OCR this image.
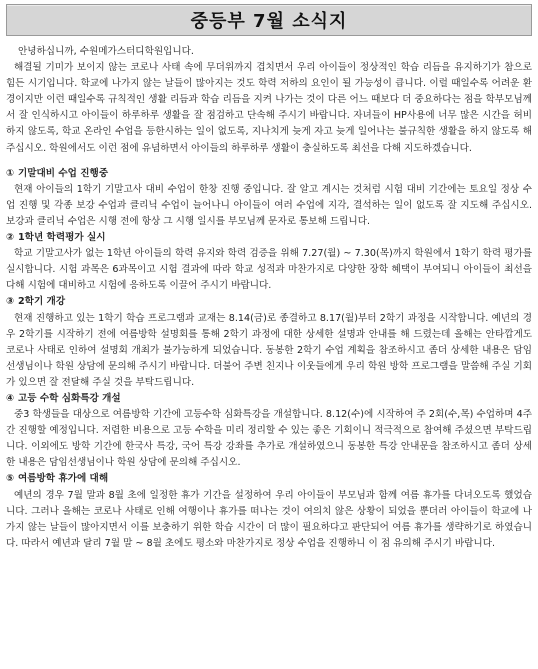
중등부 7월 소식지

안녕하십니까, 수원메가스터디학원입니다.

해결될 기미가 보이지 않는 코로나 사태 속에 무더위까지 겹치면서 우리 아이들이 정상적인 학습 리듬을 유지하기가 참으로 힘든 시기입니다. 학교에 나가지 않는 날들이 많아지는 것도 학력 저하의 요인이 될 가능성이 큽니다. 이럴 때일수록 어려운 환경이지만 이런 때일수록 규칙적인 생활 리듬과 학습 리듬을 지켜 나가는 것이 다른 어느 때보다 더 중요하다는 점을 학부모님께서 잘 인식하시고 아이들이 하루하루 생활을 잘 점검하고 단속해 주시기 바랍니다. 자녀들이 HP사용에 너무 많은 시간을 허비하지 않도록, 학교 온라인 수업을 등한시하는 일이 없도록, 지나치게 늦게 자고 늦게 일어나는 불규칙한 생활을 하지 않도록 해 주십시오. 학원에서도 이런 점에 유념하면서 아이들의 하루하루 생활이 충실하도록 최선을 다해 지도하겠습니다.

① 기말대비 수업 진행중

현재 아이들의 1학기 기말고사 대비 수업이 한창 진행 중입니다. 잘 알고 계시는 것처럼 시험 대비 기간에는 토요일 정상 수업 진행 및 각종 보강 수업과 클리닉 수업이 늘어나니 아이들이 여러 수업에 지각, 결석하는 일이 없도록 잘 지도해 주십시오. 보강과 클리닉 수업은 시행 전에 항상 그 시행 일시를 부모님께 문자로 통보해 드립니다.

② 1학년 학력평가 실시

학교 기말고사가 없는 1학년 아이들의 학력 유지와 학력 검증을 위해 7.27(월) ~ 7.30(목)까지 학원에서 1학기 학력 평가를 실시합니다. 시험 과목은 6과목이고 시험 결과에 따라 학교 성적과 마찬가지로 다양한 장학 혜택이 부여되니 아이들이 최선을 다해 시험에 대비하고 시험에 응하도록 이끌어 주시기 바랍니다.

③ 2학기 개강

현재 진행하고 있는 1학기 학습 프로그램과 교재는 8.14(금)로 종결하고 8.17(월)부터 2학기 과정을 시작합니다. 예년의 경우 2학기를 시작하기 전에 여름방학 설명회를 통해 2학기 과정에 대한 상세한 설명과 안내를 해 드렸는데 올해는 안타깝게도 코로나 사태로 인하여 설명회 개최가 불가능하게 되었습니다. 동봉한 2학기 수업 계획을 참조하시고 좀더 상세한 내용은 담임 선생님이나 학원 상담에 문의해 주시기 바랍니다. 더불어 주변 친지나 이웃들에게 우리 학원 방학 프로그램을 말씀해 주실 기회가 있으면 잘 전달해 주실 것을 부탁드립니다.

④ 고등 수학 심화특강 개설

중3 학생들을 대상으로 여름방학 기간에 고등수학 심화특강을 개설합니다. 8.12(수)에 시작하여 주 2회(수,목) 수업하며 4주간 진행할 예정입니다. 저렴한 비용으로 고등 수학을 미리 정리할 수 있는 좋은 기회이니 적극적으로 참여해 주셨으면 부탁드립니다. 이외에도 방학 기간에 한국사 특강, 국어 특강 강좌를 추가로 개설하였으니 동봉한 특강 안내문을 참조하시고 좀더 상세한 내용은 담임선생님이나 학원 상담에 문의해 주십시오.

⑤ 여름방학 휴가에 대해

예년의 경우 7월 말과 8월 초에 일정한 휴가 기간을 설정하여 우리 아이들이 부모님과 함께 여름 휴가를 다녀오도록 했었습니다. 그러나 올해는 코로나 사태로 인해 여행이나 휴가를 떠나는 것이 여의치 않은 상황이 되었을 뿐더러 아이들이 학교에 나가지 않는 날들이 많아지면서 이를 보충하기 위한 학습 시간이 더 많이 필요하다고 판단되어 여름 휴가를 생략하기로 하였습니다. 따라서 예년과 달리 7월 말 ~ 8월 초에도 평소와 마찬가지로 정상 수업을 진행하니 이 점 유의해 주시기 바랍니다.
